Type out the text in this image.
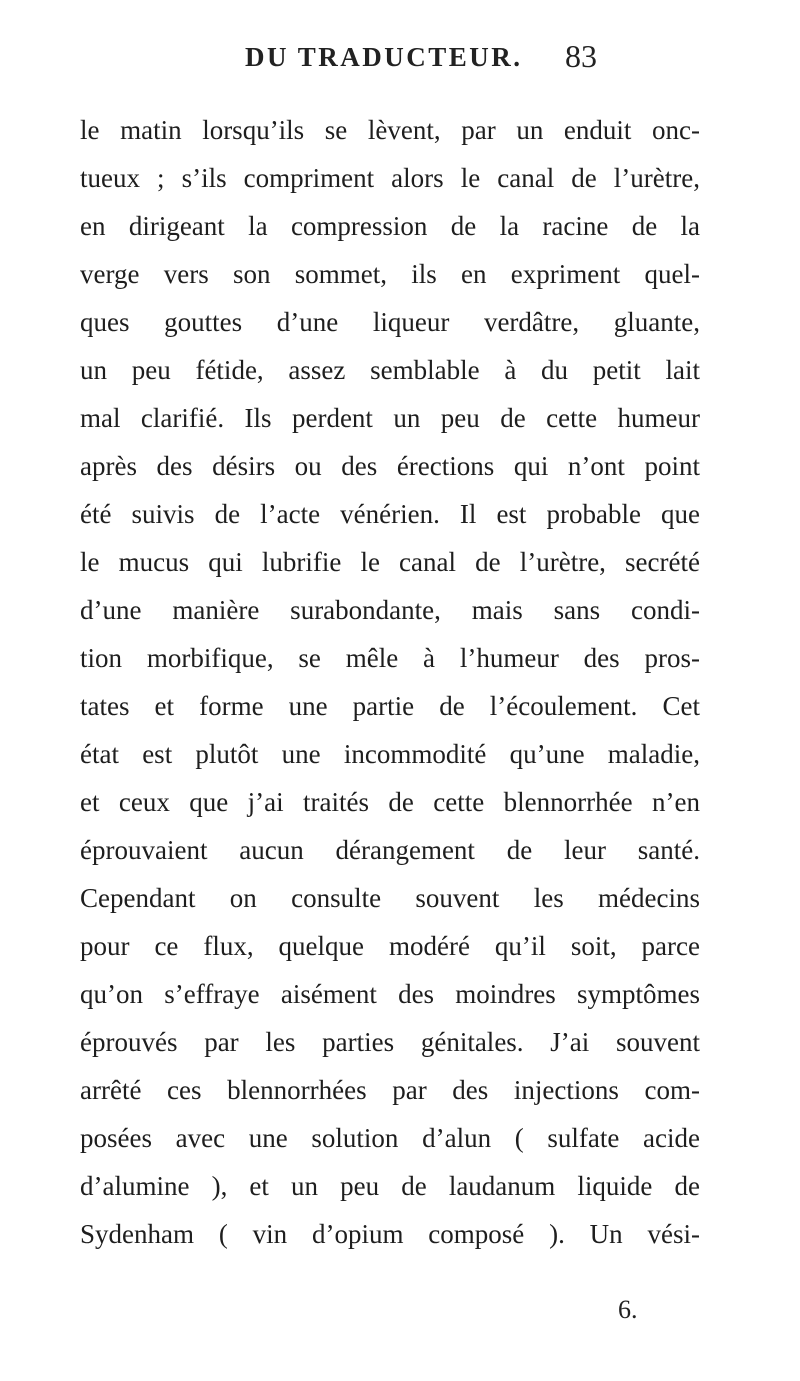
DU TRADUCTEUR. 83
le matin lorsqu’ils se lèvent, par un enduit onc-
tueux ; s’ils compriment alors le canal de l’urètre,
en dirigeant la compression de la racine de la
verge vers son sommet, ils en expriment quel-
ques gouttes d’une liqueur verdâtre, gluante,
un peu fétide, assez semblable à du petit lait
mal clarifié. Ils perdent un peu de cette humeur
après des désirs ou des érections qui n’ont point
été suivis de l’acte vénérien. Il est probable que
le mucus qui lubrifie le canal de l’urètre, secrété
d’une manière surabondante, mais sans condi-
tion morbifique, se mêle à l’humeur des pros-
tates et forme une partie de l’écoulement. Cet
état est plutôt une incommodité qu’une maladie,
et ceux que j’ai traités de cette blennorrhée n’en
éprouvaient aucun dérangement de leur santé.
Cependant on consulte souvent les médecins
pour ce flux, quelque modéré qu’il soit, parce
qu’on s’effraye aisément des moindres symptômes
éprouvés par les parties génitales. J’ai souvent
arrêté ces blennorrhées par des injections com-
posées avec une solution d’alun ( sulfate acide
d’alumine ), et un peu de laudanum liquide de
Sydenham ( vin d’opium composé ). Un vési-
6.
